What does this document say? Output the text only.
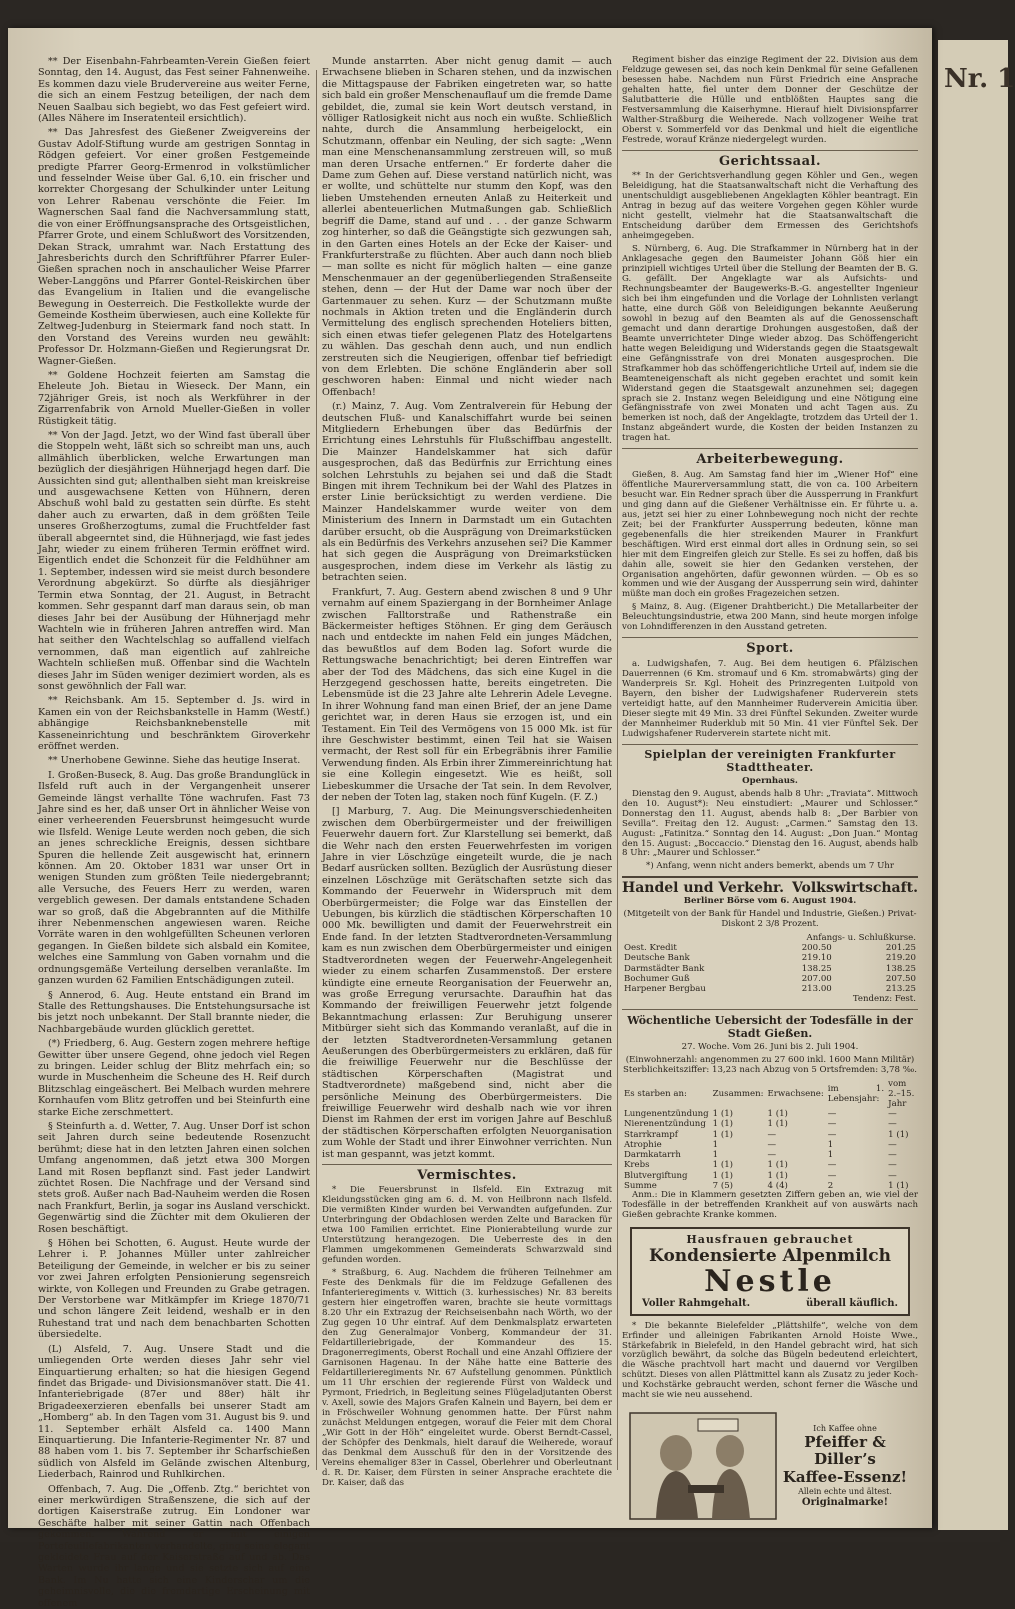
Nr. 1

** Der Eisenbahn-Fahrbeamten-Verein Gießen feiert Sonntag, den 14. August, das Fest seiner Fahnenweihe. Es kommen dazu viele Brudervereine aus weiter Ferne, die sich an einem Festzug beteiligen, der nach dem Neuen Saalbau sich begiebt, wo das Fest gefeiert wird. (Alles Nähere im Inseratenteil ersichtlich).

** Das Jahresfest des Gießener Zweigvereins der Gustav Adolf-Stiftung wurde am gestrigen Sonntag in Rödgen gefeiert. Vor einer großen Festgemeinde predigte Pfarrer Georg-Ermenrod in volkstümlicher und fesselnder Weise über Gal. 6,10. ein frischer und korrekter Chorgesang der Schulkinder unter Leitung von Lehrer Rabenau verschönte die Feier. Im Wagnerschen Saal fand die Nachversammlung statt, die von einer Eröffnungsansprache des Ortsgeistlichen, Pfarrer Grote, und einem Schlußwort des Vorsitzenden, Dekan Strack, umrahmt war. Nach Erstattung des Jahresberichts durch den Schriftführer Pfarrer Euler-Gießen sprachen noch in anschaulicher Weise Pfarrer Weber-Langgöns und Pfarrer Gontel-Reiskirchen über das Evangelium in Italien und die evangelische Bewegung in Oesterreich. Die Festkollekte wurde der Gemeinde Kostheim überwiesen, auch eine Kollekte für Zeltweg-Judenburg in Steiermark fand noch statt. In den Vorstand des Vereins wurden neu gewählt: Professor Dr. Holzmann-Gießen und Regierungsrat Dr. Wagner-Gießen.

** Goldene Hochzeit feierten am Samstag die Eheleute Joh. Bietau in Wieseck. Der Mann, ein 72jähriger Greis, ist noch als Werkführer in der Zigarrenfabrik von Arnold Mueller-Gießen in voller Rüstigkeit tätig.

** Von der Jagd. Jetzt, wo der Wind fast überall über die Stoppeln weht, läßt sich so schreibt man uns, auch allmählich überblicken, welche Erwartungen man bezüglich der diesjährigen Hühnerjagd hegen darf. Die Aussichten sind gut; allenthalben sieht man kreiskreise und ausgewachsene Ketten von Hühnern, deren Abschuß wohl bald zu gestatten sein dürfte. Es steht daher auch zu erwarten, daß in dem größten Teile unseres Großherzogtums, zumal die Fruchtfelder fast überall abgeerntet sind, die Hühnerjagd, wie fast jedes Jahr, wieder zu einem früheren Termin eröffnet wird. Eigentlich endet die Schonzeit für die Feldhühner am 1. September, indessen wird sie meist durch besondere Verordnung abgekürzt. So dürfte als diesjähriger Termin etwa Sonntag, der 21. August, in Betracht kommen. Sehr gespannt darf man daraus sein, ob man dieses Jahr bei der Ausübung der Hühnerjagd mehr Wachteln wie in früheren Jahren antreffen wird. Man hat seither den Wachtelschlag so auffallend vielfach vernommen, daß man eigentlich auf zahlreiche Wachteln schließen muß. Offenbar sind die Wachteln dieses Jahr im Süden weniger dezimiert worden, als es sonst gewöhnlich der Fall war.

** Reichsbank. Am 15. September d. Js. wird in Kamen ein von der Reichsbankstelle in Hamm (Westf.) abhängige Reichsbanknebenstelle mit Kasseneinrichtung und beschränktem Giroverkehr eröffnet werden.

** Unerhobene Gewinne. Siehe das heutige Inserat.

I. Großen-Buseck, 8. Aug. Das große Brandunglück in Ilsfeld ruft auch in der Vergangenheit unserer Gemeinde längst verhallte Töne wachrufen. Fast 73 Jahre sind es her, daß unser Ort in ähnlicher Weise von einer verheerenden Feuersbrunst heimgesucht wurde wie Ilsfeld. Wenige Leute werden noch geben, die sich an jenes schreckliche Ereignis, dessen sichtbare Spuren die hellende Zeit ausgewischt hat, erinnern können. Am 20. Oktober 1831 war unser Ort in wenigen Stunden zum größten Teile niedergebrannt; alle Versuche, des Feuers Herr zu werden, waren vergeblich gewesen. Der damals entstandene Schaden war so groß, daß die Abgebrannten auf die Mithilfe ihrer Nebenmenschen angewiesen waren. Reiche Vorräte waren in den wohlgefüllten Scheunen verloren gegangen. In Gießen bildete sich alsbald ein Komitee, welches eine Sammlung von Gaben vornahm und die ordnungsgemäße Verteilung derselben veranlaßte. Im ganzen wurden 62 Familien Entschädigungen zuteil.

§ Annerod, 6. Aug. Heute entstand ein Brand im Stalle des Rettungshauses. Die Entstehungsursache ist bis jetzt noch unbekannt. Der Stall brannte nieder, die Nachbargebäude wurden glücklich gerettet.

(*) Friedberg, 6. Aug. Gestern zogen mehrere heftige Gewitter über unsere Gegend, ohne jedoch viel Regen zu bringen. Leider schlug der Blitz mehrfach ein; so wurde in Muschenheim die Scheune des H. Reif durch Blitzschlag eingeäschert. Bei Melbach wurden mehrere Kornhaufen vom Blitz getroffen und bei Steinfurth eine starke Eiche zerschmettert.

§ Steinfurth a. d. Wetter, 7. Aug. Unser Dorf ist schon seit Jahren durch seine bedeutende Rosenzucht berühmt; diese hat in den letzten Jahren einen solchen Umfang angenommen, daß jetzt etwa 300 Morgen Land mit Rosen bepflanzt sind. Fast jeder Landwirt züchtet Rosen. Die Nachfrage und der Versand sind stets groß. Außer nach Bad-Nauheim werden die Rosen nach Frankfurt, Berlin, ja sogar ins Ausland verschickt. Gegenwärtig sind die Züchter mit dem Okulieren der Rosen beschäftigt.

§ Höhen bei Schotten, 6. August. Heute wurde der Lehrer i. P. Johannes Müller unter zahlreicher Beteiligung der Gemeinde, in welcher er bis zu seiner vor zwei Jahren erfolgten Pensionierung segensreich wirkte, von Kollegen und Freunden zu Grabe getragen. Der Verstorbene war Mitkämpfer im Kriege 1870/71 und schon längere Zeit leidend, weshalb er in den Ruhestand trat und nach dem benachbarten Schotten übersiedelte.

(L) Alsfeld, 7. Aug. Unsere Stadt und die umliegenden Orte werden dieses Jahr sehr viel Einquartierung erhalten; so hat die hiesigen Gegend findet das Brigade- und Divisionsmanöver statt. Die 41. Infanteriebrigade (87er und 88er) hält ihr Brigadeexerzieren ebenfalls bei unserer Stadt am „Homberg“ ab. In den Tagen vom 31. August bis 9. und 11. September erhält Alsfeld ca. 1400 Mann Einquartierung. Die Infanterie-Regimenter Nr. 87 und 88 haben vom 1. bis 7. September ihr Scharfschießen südlich von Alsfeld im Gelände zwischen Altenburg, Liederbach, Rainrod und Ruhlkirchen.

Offenbach, 7. Aug. Die „Offenb. Ztg.“ berichtet von einer merkwürdigen Straßenszene, die sich auf der dortigen Kaiserstraße zutrug. Ein Londoner war Geschäfte halber mit seiner Gattin nach Offenbach gekommen. Während er mit einigen Portefeuillefabrikanten verhandelte, ging seine elegant gekleidete Frau auf der Kaiserstraße auf und ab. Das Warten wurde ihr lange und sie setzte sich auf eine Bank. Im Nu hatte sich eine Kinderschar um die geheimnisvolle, die die fremdartige Erscheinung mit offenem

Munde anstarrten. Aber nicht genug damit — auch Erwachsene blieben in Scharen stehen, und da inzwischen die Mittagspause der Fabriken eingetreten war, so hatte sich bald ein großer Menschenauflauf um die fremde Dame gebildet, die, zumal sie kein Wort deutsch verstand, in völliger Ratlosigkeit nicht aus noch ein wußte. Schließlich nahte, durch die Ansammlung herbeigelockt, ein Schutzmann, offenbar ein Neuling, der sich sagte: „Wenn man eine Menschenansammlung zerstreuen will, so muß man deren Ursache entfernen.“ Er forderte daher die Dame zum Gehen auf. Diese verstand natürlich nicht, was er wollte, und schüttelte nur stumm den Kopf, was den lieben Umstehenden erneuten Anlaß zu Heiterkeit und allerlei abenteuerlichen Mutmaßungen gab. Schließlich begriff die Dame, stand auf und . . . der ganze Schwarm zog hinterher, so daß die Geängstigte sich gezwungen sah, in den Garten eines Hotels an der Ecke der Kaiser- und Frankfurterstraße zu flüchten. Aber auch dann noch blieb — man sollte es nicht für möglich halten — eine ganze Menschenmauer an der gegenüberliegenden Straßenseite stehen, denn — der Hut der Dame war noch über der Gartenmauer zu sehen. Kurz — der Schutzmann mußte nochmals in Aktion treten und die Engländerin durch Vermittelung des englisch sprechenden Hoteliers bitten, sich einen etwas tiefer gelegenen Platz des Hotelgartens zu wählen. Das geschah denn auch, und nun endlich zerstreuten sich die Neugierigen, offenbar tief befriedigt von dem Erlebten. Die schöne Engländerin aber soll geschworen haben: Einmal und nicht wieder nach Offenbach!

(r.) Mainz, 7. Aug. Vom Zentralverein für Hebung der deutschen Fluß- und Kanalschiffahrt wurde bei seinen Mitgliedern Erhebungen über das Bedürfnis der Errichtung eines Lehrstuhls für Flußschiffbau angestellt. Die Mainzer Handelskammer hat sich dafür ausgesprochen, daß das Bedürfnis zur Errichtung eines solchen Lehrstuhls zu bejahen sei und daß die Stadt Bingen mit ihrem Technikum bei der Wahl des Platzes in erster Linie berücksichtigt zu werden verdiene. Die Mainzer Handelskammer wurde weiter von dem Ministerium des Innern in Darmstadt um ein Gutachten darüber ersucht, ob die Ausprägung von Dreimarkstücken als ein Bedürfnis des Verkehrs anzusehen sei? Die Kammer hat sich gegen die Ausprägung von Dreimarkstücken ausgesprochen, indem diese im Verkehr als lästig zu betrachten seien.

Frankfurt, 7. Aug. Gestern abend zwischen 8 und 9 Uhr vernahm auf einem Spaziergang in der Bornheimer Anlage zwischen Falltorstraße und Rathenstraße ein Bäckermeister heftiges Stöhnen. Er ging dem Geräusch nach und entdeckte im nahen Feld ein junges Mädchen, das bewußtlos auf dem Boden lag. Sofort wurde die Rettungswache benachrichtigt; bei deren Eintreffen war aber der Tod des Mädchens, das sich eine Kugel in die Herzgegend geschossen hatte, bereits eingetreten. Die Lebensmüde ist die 23 Jahre alte Lehrerin Adele Levegne. In ihrer Wohnung fand man einen Brief, der an jene Dame gerichtet war, in deren Haus sie erzogen ist, und ein Testament. Ein Teil des Vermögens von 15 000 Mk. ist für ihre Geschwister bestimmt, einen Teil hat sie Waisen vermacht, der Rest soll für ein Erbegräbnis ihrer Familie Verwendung finden. Als Erbin ihrer Zimmereinrichtung hat sie eine Kollegin eingesetzt. Wie es heißt, soll Liebeskummer die Ursache der Tat sein. In dem Revolver, der neben der Toten lag, staken noch fünf Kugeln. (F. Z.)

[] Marburg, 7. Aug. Die Meinungsverschiedenheiten zwischen dem Oberbürgermeister und der freiwilligen Feuerwehr dauern fort. Zur Klarstellung sei bemerkt, daß die Wehr nach den ersten Feuerwehrfesten im vorigen Jahre in vier Löschzüge eingeteilt wurde, die je nach Bedarf ausrücken sollten. Bezüglich der Ausrüstung dieser einzelnen Löschzüge mit Gerätschaften setzte sich das Kommando der Feuerwehr in Widerspruch mit dem Oberbürgermeister; die Folge war das Einstellen der Uebungen, bis kürzlich die städtischen Körperschaften 10 000 Mk. bewilligten und damit der Feuerwehrstreit ein Ende fand. In der letzten Stadtverordneten-Versammlung kam es nun zwischen dem Oberbürgermeister und einigen Stadtverordneten wegen der Feuerwehr-Angelegenheit wieder zu einem scharfen Zusammenstoß. Der erstere kündigte eine erneute Reorganisation der Feuerwehr an, was große Erregung verursachte. Daraufhin hat das Kommando der freiwilligen Feuerwehr jetzt folgende Bekanntmachung erlassen: Zur Beruhigung unserer Mitbürger sieht sich das Kommando veranlaßt, auf die in der letzten Stadtverordneten-Versammlung getanen Aeußerungen des Oberbürgermeisters zu erklären, daß für die freiwillige Feuerwehr nur die Beschlüsse der städtischen Körperschaften (Magistrat und Stadtverordnete) maßgebend sind, nicht aber die persönliche Meinung des Oberbürgermeisters. Die freiwillige Feuerwehr wird deshalb nach wie vor ihren Dienst im Rahmen der erst im vorigen Jahre auf Beschluß der städtischen Körperschaften erfolgten Neuorganisation zum Wohle der Stadt und ihrer Einwohner verrichten. Nun ist man gespannt, was jetzt kommt.

Vermischtes.

* Die Feuersbrunst in Ilsfeld. Ein Extrazug mit Kleidungsstücken ging am 6. d. M. von Heilbronn nach Ilsfeld. Die vermißten Kinder wurden bei Verwandten aufgefunden. Zur Unterbringung der Obdachlosen werden Zelte und Baracken für etwa 100 Familien errichtet. Eine Pionierabteilung wurde zur Unterstützung herangezogen. Die Ueberreste des in den Flammen umgekommenen Gemeinderats Schwarzwald sind gefunden worden.

* Straßburg, 6. Aug. Nachdem die früheren Teilnehmer am Feste des Denkmals für die im Feldzuge Gefallenen des Infanterieregiments v. Wittich (3. kurhessisches) Nr. 83 bereits gestern hier eingetroffen waren, brachte sie heute vormittags 8.20 Uhr ein Extrazug der Reichseisenbahn nach Wörth, wo der Zug gegen 10 Uhr eintraf. Auf dem Denkmalsplatz erwarteten den Zug Generalmajor Vonberg, Kommandeur der 31. Feldartilleriebrigade, der Kommandeur des 15. Dragonerregiments, Oberst Rochall und eine Anzahl Offiziere der Garnisonen Hagenau. In der Nähe hatte eine Batterie des Feldartillerieregiments Nr. 67 Aufstellung genommen. Pünktlich um 11 Uhr erschien der regierende Fürst von Waldeck und Pyrmont, Friedrich, in Begleitung seines Flügeladjutanten Oberst v. Axell, sowie des Majors Grafen Kalnein und Bayern, bei dem er in Fröschweiler Wohnung genommen hatte. Der Fürst nahm zunächst Meldungen entgegen, worauf die Feier mit dem Choral „Wir Gott in der Höh“ eingeleitet wurde. Oberst Berndt-Cassel, der Schöpfer des Denkmals, hielt darauf die Weiherede, worauf das Denkmal dem Ausschuß für den in der Vorsitzende des Vereins ehemaliger 83er in Cassel, Oberlehrer und Oberleutnant d. R. Dr. Kaiser, dem Fürsten in seiner Ansprache erachtete die Dr. Kaiser, daß das

Regiment bisher das einzige Regiment der 22. Division aus dem Feldzuge gewesen sei, das noch kein Denkmal für seine Gefallenen besessen habe. Nachdem nun Fürst Friedrich eine Ansprache gehalten hatte, fiel unter dem Donner der Geschütze der Salutbatterie die Hülle und entblößten Hauptes sang die Festversammlung die Kaiserhymne. Hierauf hielt Divisionspfarrer Walther-Straßburg die Weiherede. Nach vollzogener Weihe trat Oberst v. Sommerfeld vor das Denkmal und hielt die eigentliche Festrede, worauf Kränze niedergelegt wurden.

Gerichtssaal.

** In der Gerichtsverhandlung gegen Köhler und Gen., wegen Beleidigung, hat die Staatsanwaltschaft nicht die Verhaftung des unentschuldigt ausgebliebenen Angeklagten Köhler beantragt. Ein Antrag in bezug auf das weitere Vorgehen gegen Köhler wurde nicht gestellt, vielmehr hat die Staatsanwaltschaft die Entscheidung darüber dem Ermessen des Gerichtshofs anheimgegeben.

S. Nürnberg, 6. Aug. Die Strafkammer in Nürnberg hat in der Anklagesache gegen den Baumeister Johann Göß hier ein prinzipiell wichtiges Urteil über die Stellung der Beamten der B. G. G. gefällt. Der Angeklagte war als Aufsichts- und Rechnungsbeamter der Baugewerks-B.-G. angestellter Ingenieur sich bei ihm eingefunden und die Vorlage der Lohnlisten verlangt hatte, eine durch Göß von Beleidigungen bekannte Aeußerung sowohl in bezug auf den Beamten als auf die Genossenschaft gemacht und dann derartige Drohungen ausgestoßen, daß der Beamte unverrichteter Dinge wieder abzog. Das Schöffengericht hatte wegen Beleidigung und Widerstands gegen die Staatsgewalt eine Gefängnisstrafe von drei Monaten ausgesprochen. Die Strafkammer hob das schöffengerichtliche Urteil auf, indem sie die Beamteneigenschaft als nicht gegeben erachtet und somit kein Widerstand gegen die Staatsgewalt anzunehmen sei; dagegen sprach sie 2. Instanz wegen Beleidigung und eine Nötigung eine Gefängnisstrafe von zwei Monaten und acht Tagen aus. Zu bemerken ist noch, daß der Angeklagte, trotzdem das Urteil der 1. Instanz abgeändert wurde, die Kosten der beiden Instanzen zu tragen hat.

Arbeiterbewegung.

Gießen, 8. Aug. Am Samstag fand hier im „Wiener Hof“ eine öffentliche Maurerversammlung statt, die von ca. 100 Arbeitern besucht war. Ein Redner sprach über die Aussperrung in Frankfurt und ging dann auf die Gießener Verhältnisse ein. Er führte u. a. aus, jetzt sei hier zu einer Lohnbewegung noch nicht der rechte Zeit; bei der Frankfurter Aussperrung bedeuten, könne man gegebenenfalls die hier streikenden Maurer in Frankfurt beschäftigen. Wird erst einmal dort alles in Ordnung sein, so sei hier mit dem Eingreifen gleich zur Stelle. Es sei zu hoffen, daß bis dahin alle, soweit sie hier den Gedanken verstehen, der Organisation angehörten, dafür gewonnen würden. — Ob es so kommen und wie der Ausgang der Aussperrung sein wird, dahinter müßte man doch ein großes Fragezeichen setzen.

§ Mainz, 8. Aug. (Eigener Drahtbericht.) Die Metallarbeiter der Beleuchtungsindustrie, etwa 200 Mann, sind heute morgen infolge von Lohndifferenzen in den Ausstand getreten.

Sport.

a. Ludwigshafen, 7. Aug. Bei dem heutigen 6. Pfälzischen Dauerrennen (6 Km. stromauf und 6 Km. stromabwärts) ging der Wanderpreis Sr. Kgl. Hoheit des Prinzregenten Luitpold von Bayern, den bisher der Ludwigshafener Ruderverein stets verteidigt hatte, auf den Mannheimer Ruderverein Amicitia über. Dieser siegte mit 49 Min. 33 drei Fünftel Sekunden. Zweiter wurde der Mannheimer Ruderklub mit 50 Min. 41 vier Fünftel Sek. Der Ludwigshafener Ruderverein startete nicht mit.

Spielplan der vereinigten Frankfurter Stadttheater.

Opernhaus.

Dienstag den 9. August, abends halb 8 Uhr: „Traviata“. Mittwoch den 10. August*): Neu einstudiert: „Maurer und Schlosser.“ Donnerstag den 11. August, abends halb 8: „Der Barbier von Sevilla“. Freitag den 12. August: „Carmen.“ Samstag den 13. August: „Fatinitza.“ Sonntag den 14. August: „Don Juan.“ Montag den 15. August: „Boccaccio.“ Dienstag den 16. August, abends halb 8 Uhr: „Maurer und Schlosser.“

*) Anfang, wenn nicht anders bemerkt, abends um 7 Uhr

Handel und Verkehr. Volkswirtschaft.

Berliner Börse vom 6. August 1904.

(Mitgeteilt von der Bank für Handel und Industrie, Gießen.) Privat-Diskont 2 3/8 Prozent.

	Anfangs- u. Schlußkurse.	
Oest. Kredit	200.50	201.25
Deutsche Bank	219.10	219.20
Darmstädter Bank	138.25	138.25
Bochumer Guß	207.00	207.50
Harpener Bergbau	213.00	213.25
	Tendenz: Fest.	

Wöchentliche Uebersicht der Todesfälle in der Stadt Gießen.

27. Woche. Vom 26. Juni bis 2. Juli 1904.

(Einwohnerzahl: angenommen zu 27 600 inkl. 1600 Mann Militär) Sterblichkeitsziffer: 13,23 nach Abzug von 5 Ortsfremden: 3,78 ‰.

Es starben an:	Zusammen:	Erwachsene:	im 1. Lebensjahr:	vom 2.–15. Jahr
Lungenentzündung	1 (1)	1 (1)	—	—
Nierenentzündung	1 (1)	1 (1)	—	—
Starrkrampf	1 (1)	—	—	1 (1)
Atrophie	1	—	1	—
Darmkatarrh	1	—	1	—
Krebs	1 (1)	1 (1)	—	—
Blutvergiftung	1 (1)	1 (1)	—	—
Summe	7 (5)	4 (4)	2	1 (1)

Anm.: Die in Klammern gesetzten Ziffern geben an, wie viel der Todesfälle in der betreffenden Krankheit auf von auswärts nach Gießen gebrachte Kranke kommen.

Hausfrauen gebrauchet
Kondensierte Alpenmilch
Nestle
Voller Rahmgehalt.	überall käuflich.

* Die bekannte Bielefelder „Plättshilfe“, welche von dem Erfinder und alleinigen Fabrikanten Arnold Hoiste Wwe., Stärkefabrik in Bielefeld, in den Handel gebracht wird, hat sich vorzüglich bewährt, da solche das Bügeln bedeutend erleichtert, die Wäsche prachtvoll hart macht und dauernd vor Vergilben schützt. Dieses von allen Plättmittel kann als Zusatz zu jeder Koch- und Kochstärke gebraucht werden, schont ferner die Wäsche und macht sie wie neu aussehend.

Ich Kaffee ohne
Pfeiffer & Diller’s
Kaffee-Essenz!
Allein echte und ältest.
Originalmarke!
